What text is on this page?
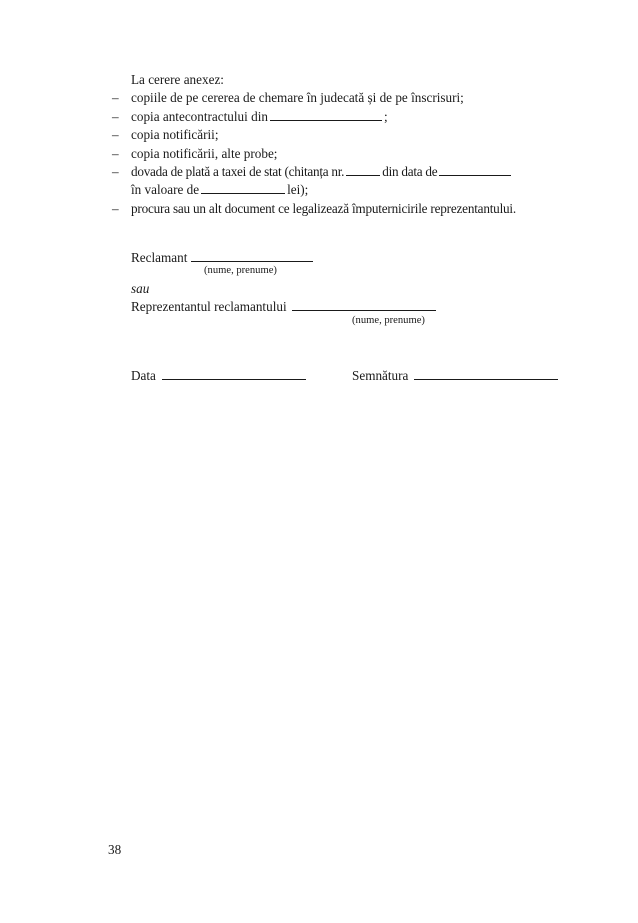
La cerere anexez:
– copiile de pe cererea de chemare în judecată și de pe înscrisuri;
– copia antecontractului din	;
– copia notificării;
– copia notificării, alte probe;
– dovada de plată a taxei de stat (chitanța nr.	din data de
în valoare de	lei);
– procura sau un alt document ce legalizează împuternicirile reprezentantului.
Reclamant
(nume, prenume)
sau
Reprezentantul reclamantului
(nume, prenume)
Data	Semnătura
38
